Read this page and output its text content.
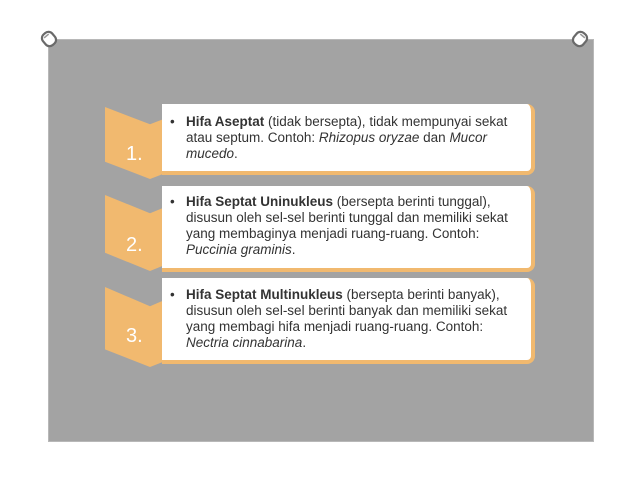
1.
2.
3.
• Hifa Aseptat (tidak bersepta), tidak mempunyai sekat atau septum. Contoh: Rhizopus oryzae dan Mucor mucedo.
• Hifa Septat Uninukleus (bersepta berinti tunggal), disusun oleh sel-sel berinti tunggal dan memiliki sekat yang membaginya menjadi ruang-ruang. Contoh: Puccinia graminis.
• Hifa Septat Multinukleus (bersepta berinti banyak), disusun oleh sel-sel berinti banyak dan memiliki sekat yang membagi hifa menjadi ruang-ruang. Contoh: Nectria cinnabarina.
